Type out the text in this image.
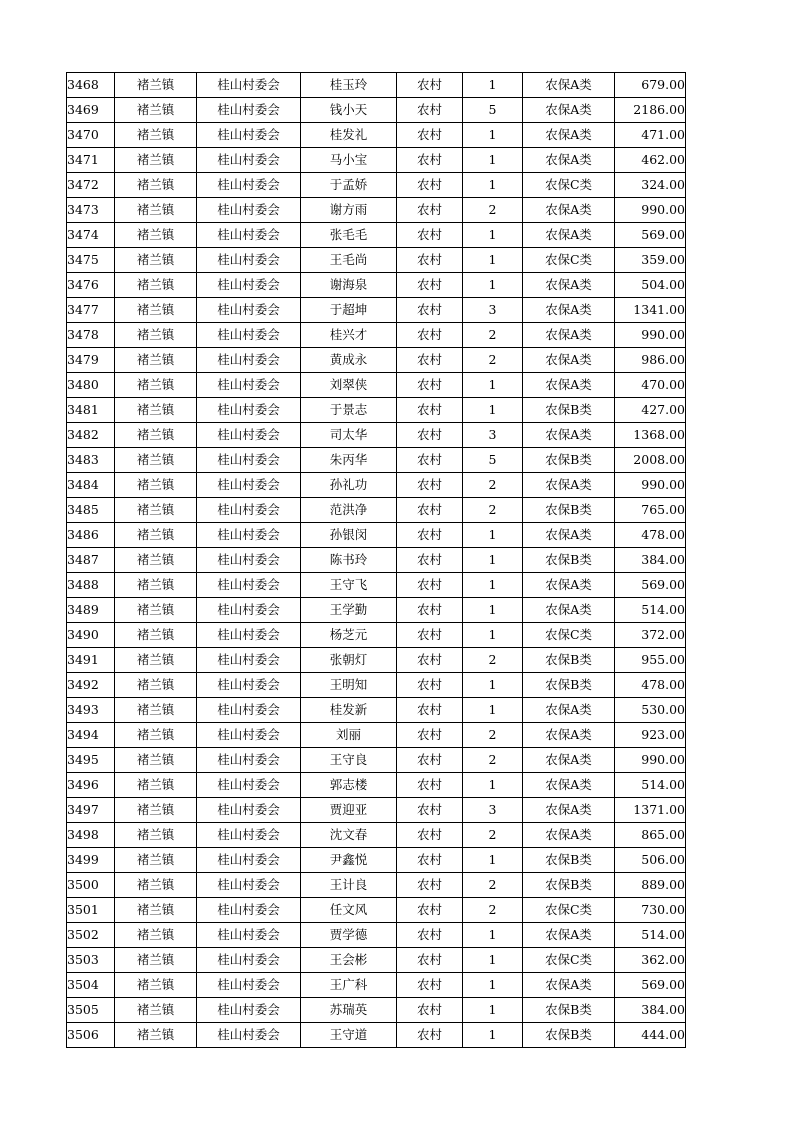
3468	褚兰镇	桂山村委会	桂玉玲	农村	1	农保A类	679.00
3469	褚兰镇	桂山村委会	钱小天	农村	5	农保A类	2186.00
3470	褚兰镇	桂山村委会	桂发礼	农村	1	农保A类	471.00
3471	褚兰镇	桂山村委会	马小宝	农村	1	农保A类	462.00
3472	褚兰镇	桂山村委会	于孟娇	农村	1	农保C类	324.00
3473	褚兰镇	桂山村委会	谢方雨	农村	2	农保A类	990.00
3474	褚兰镇	桂山村委会	张毛毛	农村	1	农保A类	569.00
3475	褚兰镇	桂山村委会	王毛尚	农村	1	农保C类	359.00
3476	褚兰镇	桂山村委会	谢海泉	农村	1	农保A类	504.00
3477	褚兰镇	桂山村委会	于超坤	农村	3	农保A类	1341.00
3478	褚兰镇	桂山村委会	桂兴才	农村	2	农保A类	990.00
3479	褚兰镇	桂山村委会	黄成永	农村	2	农保A类	986.00
3480	褚兰镇	桂山村委会	刘翠侠	农村	1	农保A类	470.00
3481	褚兰镇	桂山村委会	于景志	农村	1	农保B类	427.00
3482	褚兰镇	桂山村委会	司太华	农村	3	农保A类	1368.00
3483	褚兰镇	桂山村委会	朱丙华	农村	5	农保B类	2008.00
3484	褚兰镇	桂山村委会	孙礼功	农村	2	农保A类	990.00
3485	褚兰镇	桂山村委会	范洪净	农村	2	农保B类	765.00
3486	褚兰镇	桂山村委会	孙银闵	农村	1	农保A类	478.00
3487	褚兰镇	桂山村委会	陈书玲	农村	1	农保B类	384.00
3488	褚兰镇	桂山村委会	王守飞	农村	1	农保A类	569.00
3489	褚兰镇	桂山村委会	王学勤	农村	1	农保A类	514.00
3490	褚兰镇	桂山村委会	杨芝元	农村	1	农保C类	372.00
3491	褚兰镇	桂山村委会	张朝灯	农村	2	农保B类	955.00
3492	褚兰镇	桂山村委会	王明知	农村	1	农保B类	478.00
3493	褚兰镇	桂山村委会	桂发新	农村	1	农保A类	530.00
3494	褚兰镇	桂山村委会	刘丽	农村	2	农保A类	923.00
3495	褚兰镇	桂山村委会	王守良	农村	2	农保A类	990.00
3496	褚兰镇	桂山村委会	郭志楼	农村	1	农保A类	514.00
3497	褚兰镇	桂山村委会	贾迎亚	农村	3	农保A类	1371.00
3498	褚兰镇	桂山村委会	沈文春	农村	2	农保A类	865.00
3499	褚兰镇	桂山村委会	尹鑫悦	农村	1	农保B类	506.00
3500	褚兰镇	桂山村委会	王计良	农村	2	农保B类	889.00
3501	褚兰镇	桂山村委会	任文风	农村	2	农保C类	730.00
3502	褚兰镇	桂山村委会	贾学德	农村	1	农保A类	514.00
3503	褚兰镇	桂山村委会	王会彬	农村	1	农保C类	362.00
3504	褚兰镇	桂山村委会	王广科	农村	1	农保A类	569.00
3505	褚兰镇	桂山村委会	苏瑞英	农村	1	农保B类	384.00
3506	褚兰镇	桂山村委会	王守道	农村	1	农保B类	444.00
